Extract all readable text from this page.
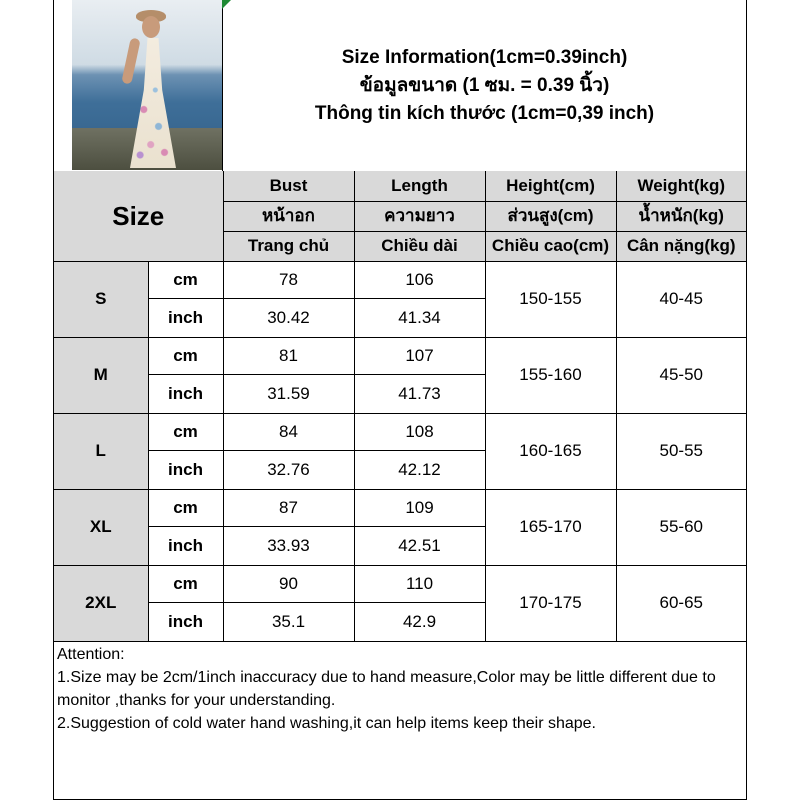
Size Information(1cm=0.39inch)
ข้อมูลขนาด (1 ซม. = 0.39 นิ้ว)
Thông tin kích thước (1cm=0,39 inch)
Size		Bust	Length	Height(cm)	Weight(kg)
		หน้าอก	ความยาว	ส่วนสูง(cm)	น้ำหนัก(kg)
		Trang chủ	Chiều dài	Chiều cao(cm)	Cân nặng(kg)
S	cm	78	106	150-155	40-45
	inch	30.42	41.34		
M	cm	81	107	155-160	45-50
	inch	31.59	41.73		
L	cm	84	108	160-165	50-55
	inch	32.76	42.12		
XL	cm	87	109	165-170	55-60
	inch	33.93	42.51		
2XL	cm	90	110	170-175	60-65
	inch	35.1	42.9		
Attention:
1.Size may be 2cm/1inch inaccuracy due to hand measure,Color may be little different due to monitor ,thanks for your understanding.
2.Suggestion of cold water hand washing,it can help items keep their shape.
